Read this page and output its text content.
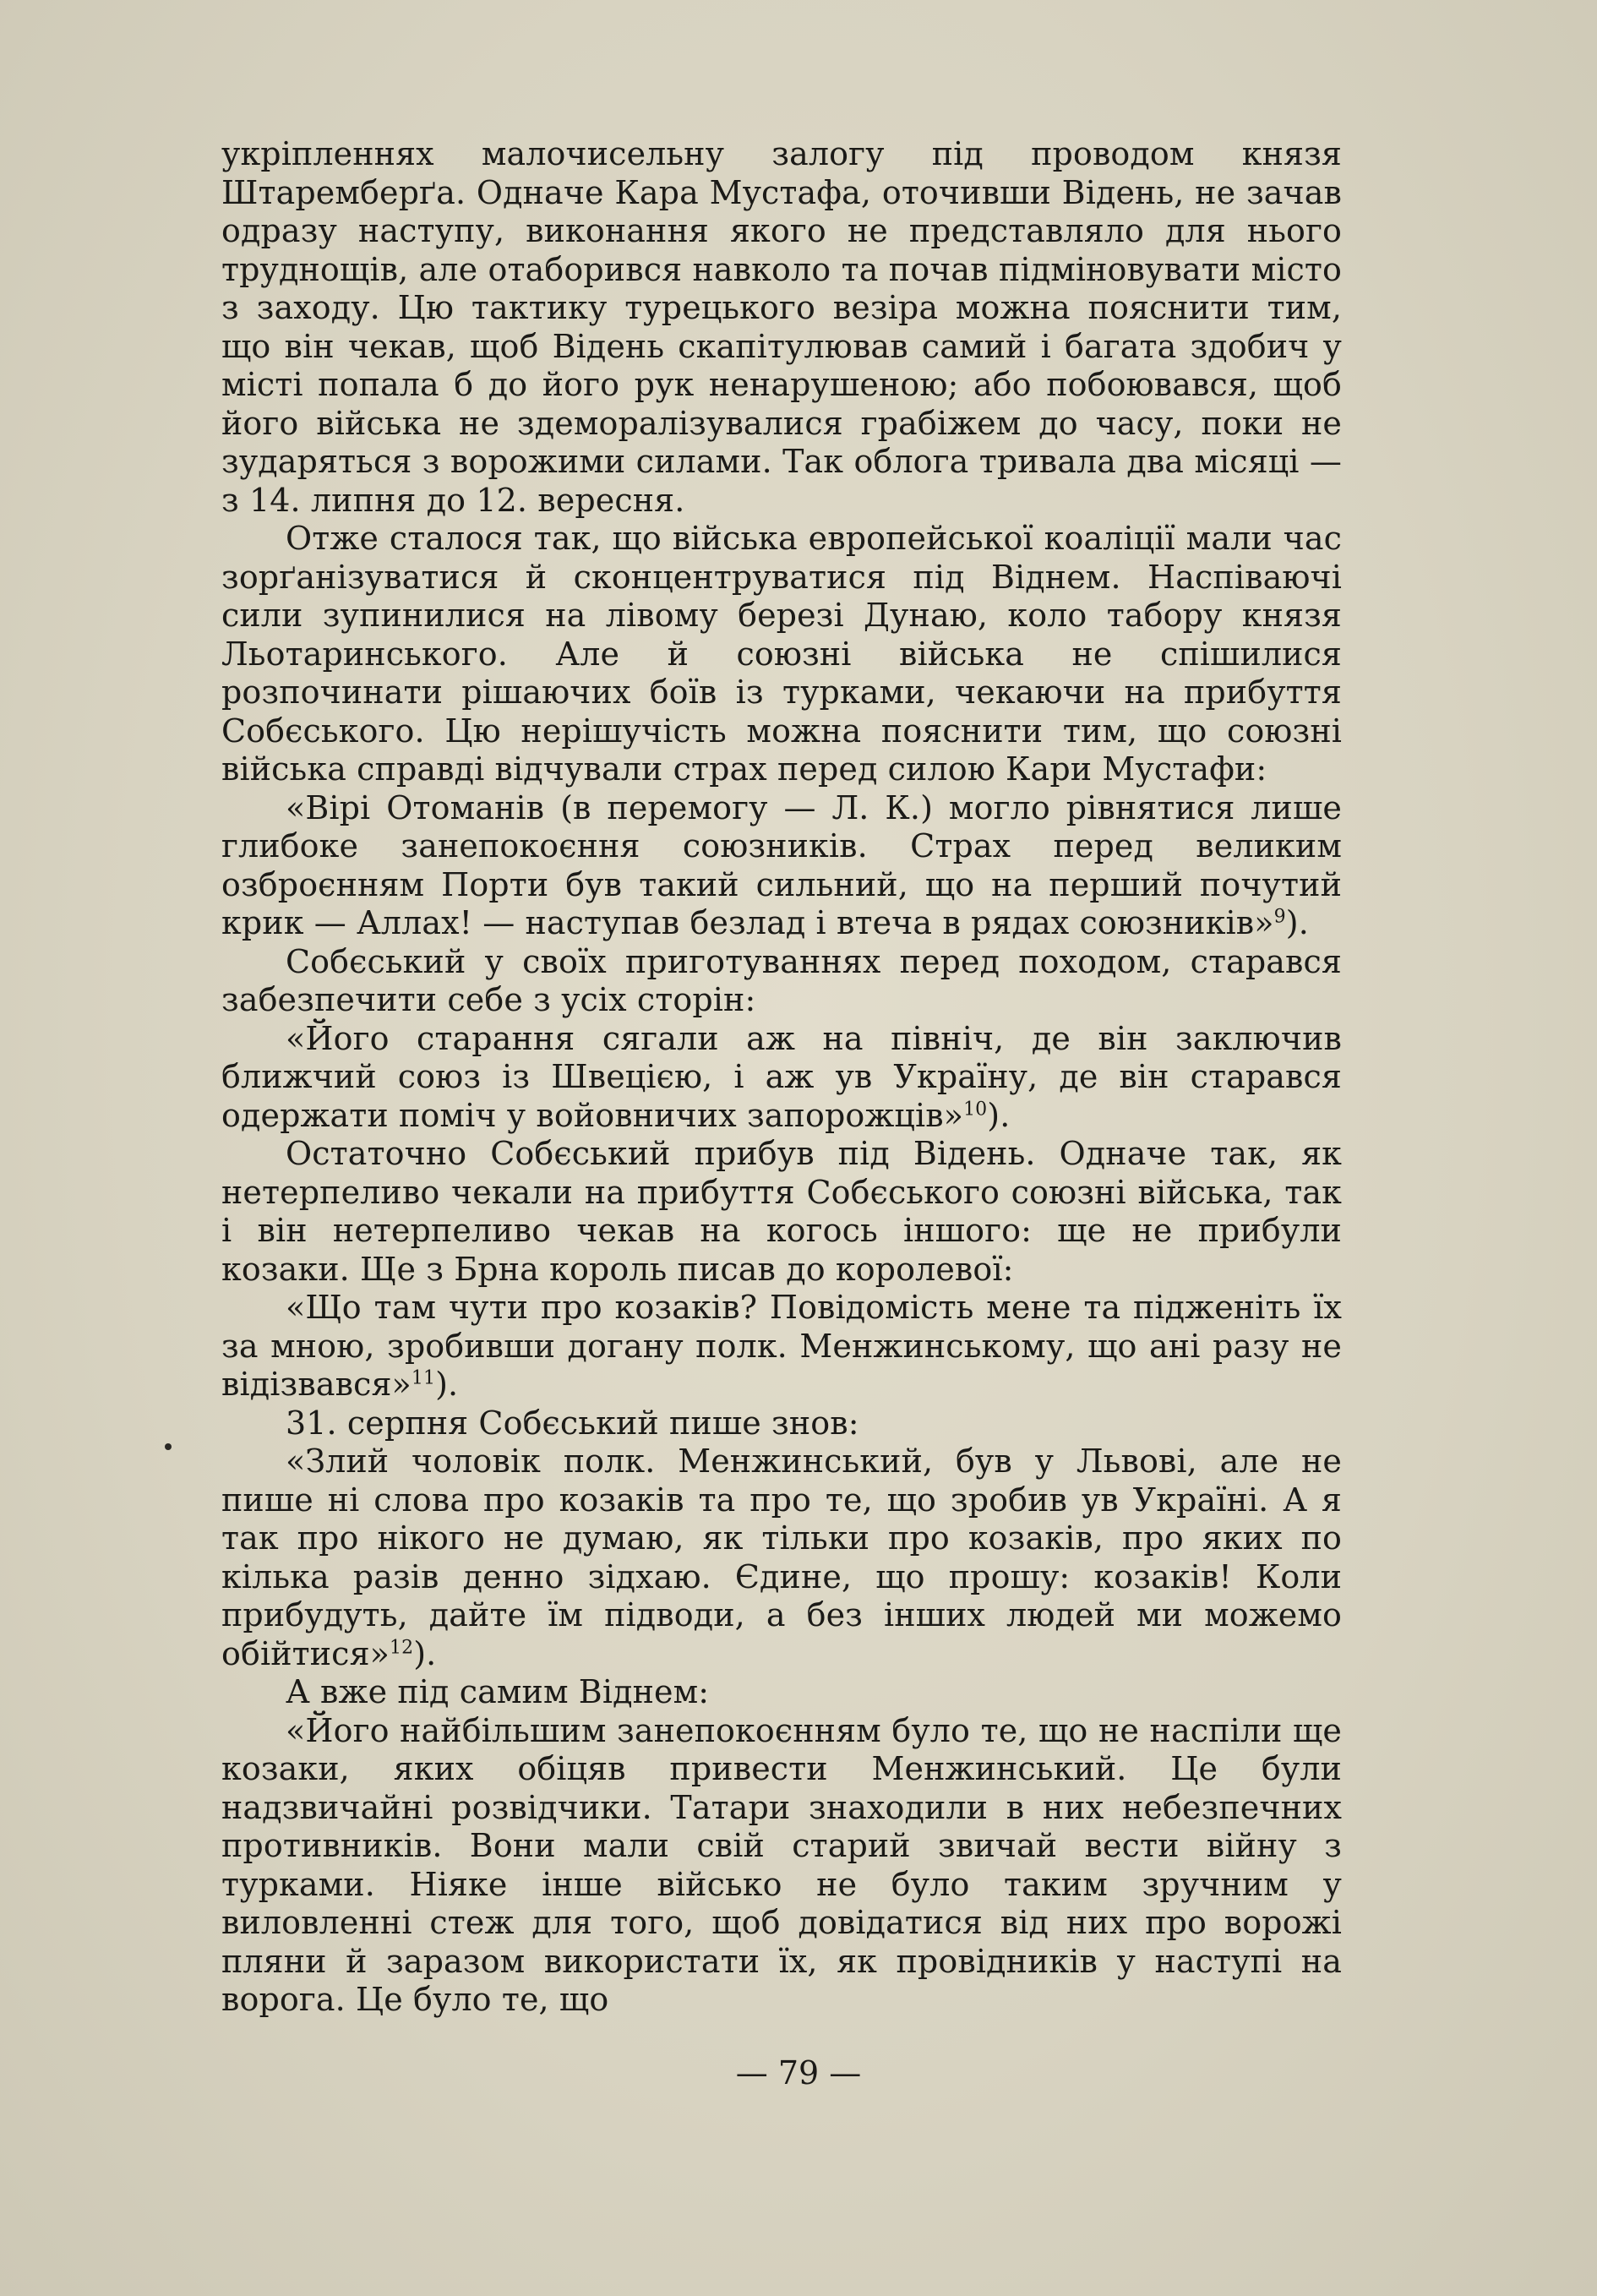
укріпленнях малочисельну залогу під проводом князя Штаремберґа. Одначе Кара Мустафа, оточивши Відень, не зачав одразу наступу, виконання якого не представляло для нього труднощів, але отаборився навколо та почав підміновувати місто з заходу. Цю тактику турецького везіра можна пояснити тим, що він чекав, щоб Відень скапітулював самий і багата здобич у місті попала б до його рук ненарушеною; або побоювався, щоб його війська не здеморалізувалися грабіжем до часу, поки не зударяться з ворожими силами. Так облога тривала два місяці — з 14. липня до 12. вересня.

Отже сталося так, що війська европейської коаліції мали час зорґанізуватися й сконцентруватися під Віднем. Наспіваючі сили зупинилися на лівому березі Дунаю, коло табору князя Льотаринського. Але й союзні війська не спішилися розпочинати рішаючих боїв із турками, чекаючи на прибуття Собєського. Цю нерішучість можна пояснити тим, що союзні війська справді відчували страх перед силою Кари Мустафи:

«Вірі Отоманів (в перемогу — Л. К.) могло рівнятися лише глибоке занепокоєння союзників. Страх перед великим озброєнням Порти був такий сильний, що на перший почутий крик — Аллах! — наступав безлад і втеча в рядах союзників»$^9$).

Собєський у своїх приготуваннях перед походом, старався забезпечити себе з усіх сторін:

«Його старання сягали аж на північ, де він заключив ближчий союз із Швецією, і аж ув Україну, де він старався одержати поміч у войовничих запорожців»$^{10}$).

Остаточно Собєський прибув під Відень. Одначе так, як нетерпеливо чекали на прибуття Собєського союзні війська, так і він нетерпеливо чекав на когось іншого: ще не прибули козаки. Ще з Брна король писав до королевої:

«Що там чути про козаків? Повідомість мене та підженіть їх за мною, зробивши догану полк. Менжинському, що ані разу не відізвався»$^{11}$).

31. серпня Собєський пише знов:

«Злий чоловік полк. Менжинський, був у Львові, але не пише ні слова про козаків та про те, що зробив ув Україні. А я так про нікого не думаю, як тільки про козаків, про яких по кілька разів денно зідхаю. Єдине, що прошу: козаків! Коли прибудуть, дайте їм підводи, а без інших людей ми можемо обійтися»$^{12}$).

А вже під самим Віднем:

«Його найбільшим занепокоєнням було те, що не наспіли ще козаки, яких обіцяв привести Менжинський. Це були надзвичайні розвідчики. Татари знаходили в них небезпечних противників. Вони мали свій старий звичай вести війну з турками. Ніяке інше військо не було таким зручним у виловленні стеж для того, щоб довідатися від них про ворожі пляни й заразом використати їх, як провідників у наступі на ворога. Це було те, що

— 79 —
